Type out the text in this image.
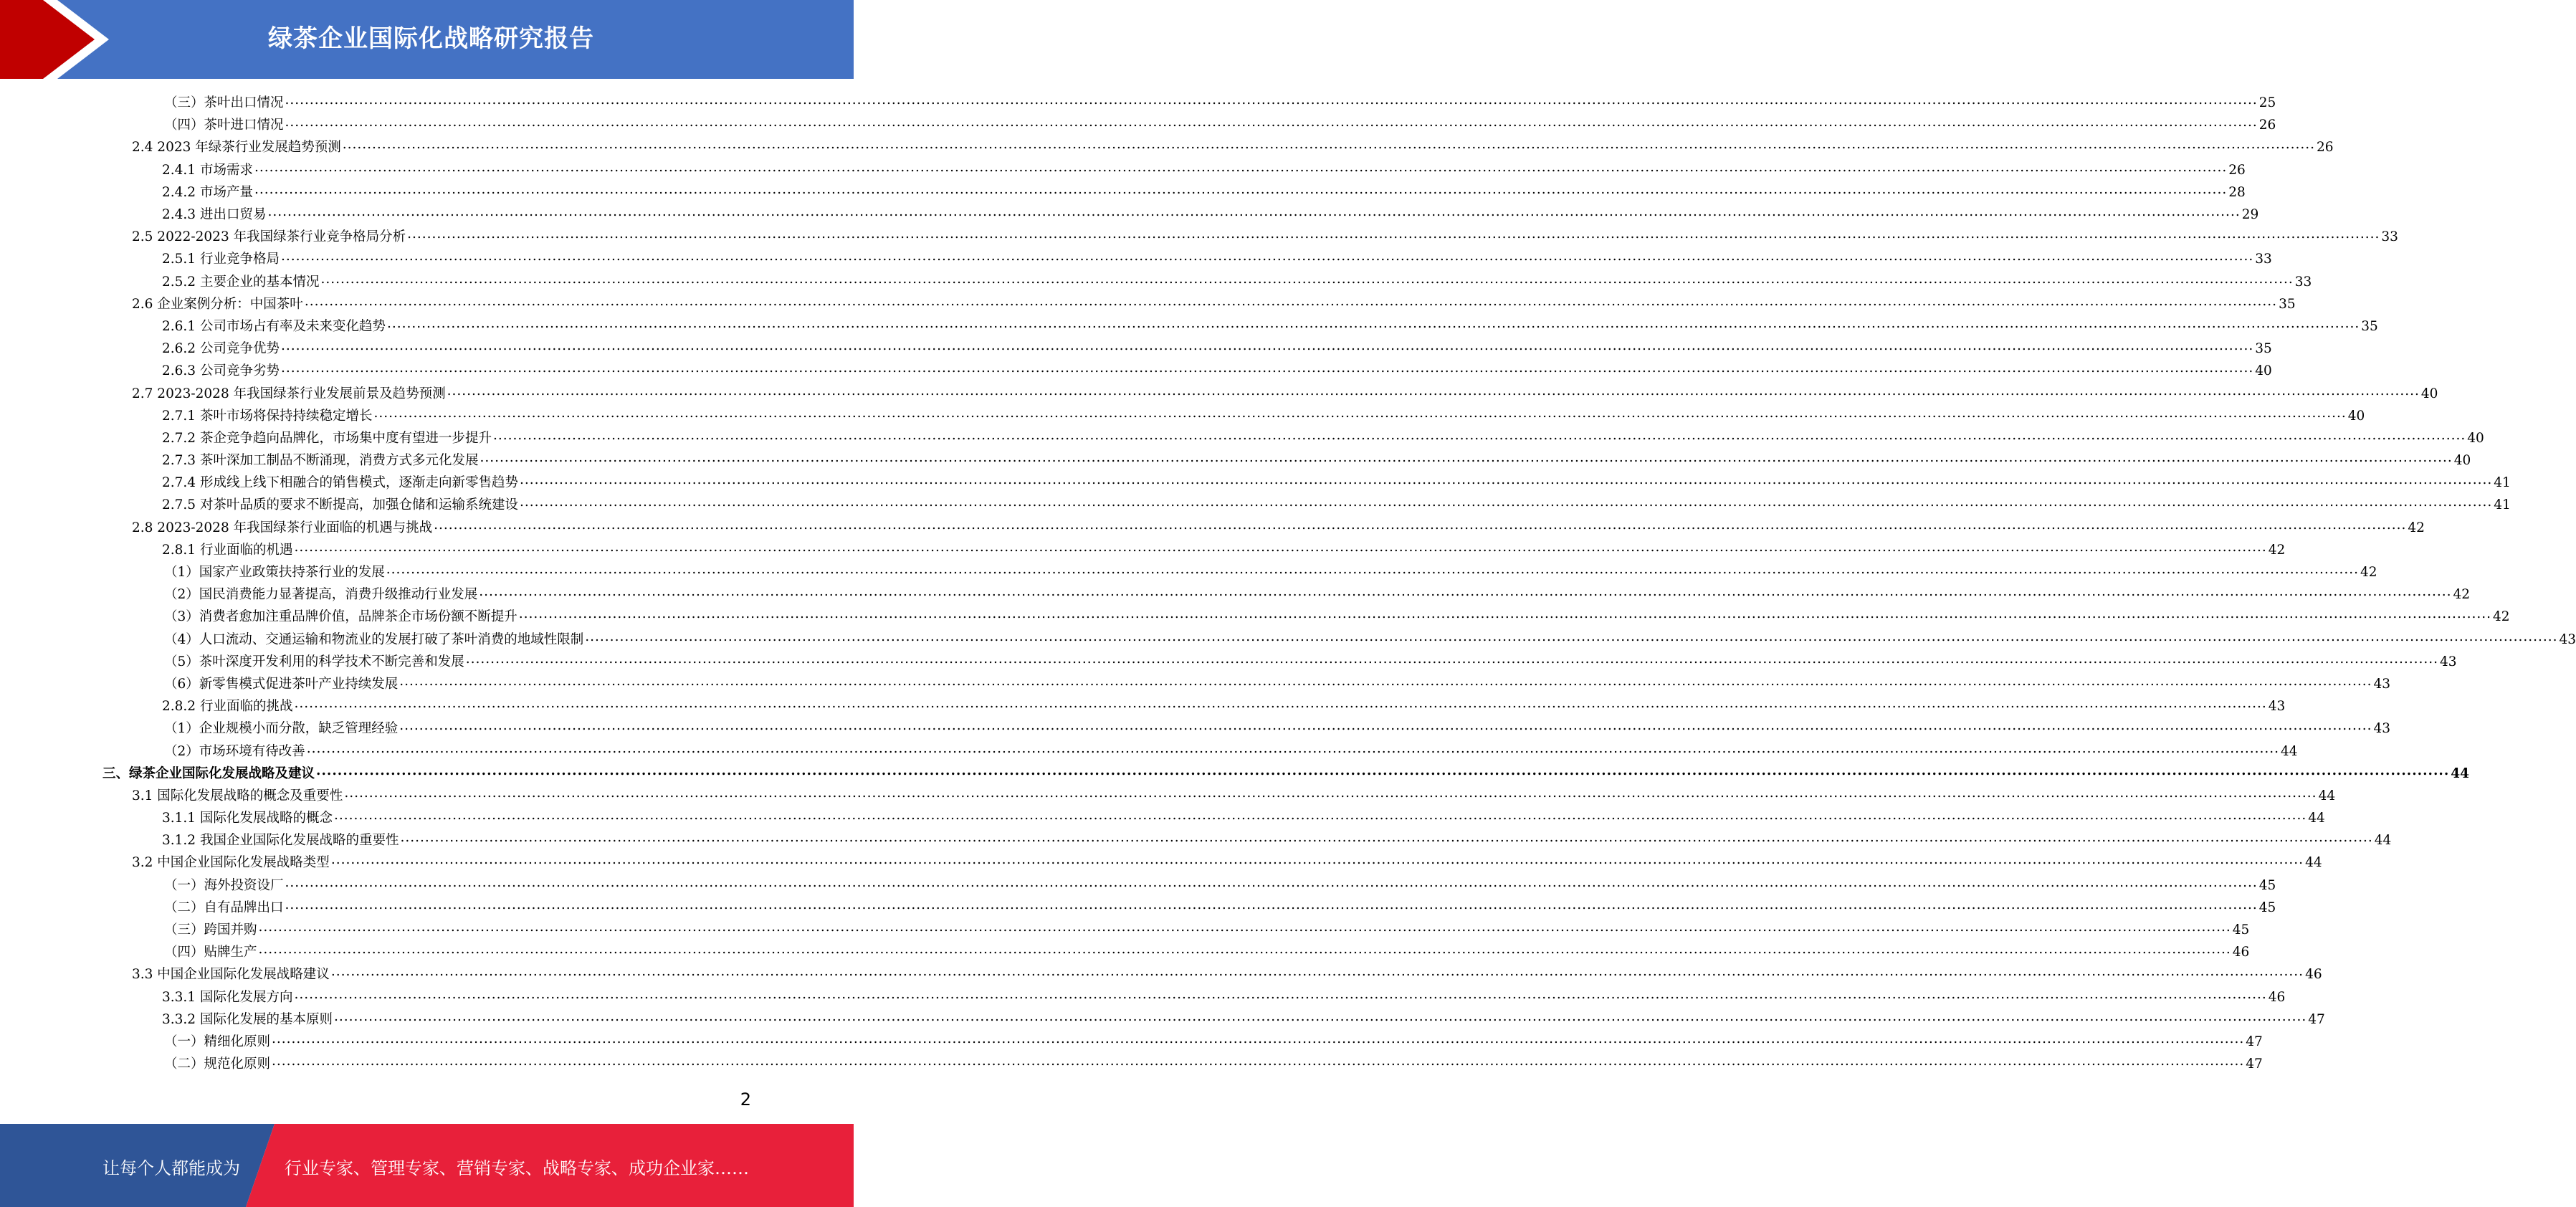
绿茶企业国际化战略研究报告
（三）茶叶出口情况 ................................................................................................................................................................................................................................................................................................................................................................................................................ 25
（四）茶叶进口情况 ................................................................................................................................................................................................................................................................................................................................................................................................................ 26
2.4 2023 年绿茶行业发展趋势预测 ................................................................................................................................................................................................................................................................................................................................................................................................................ 26
2.4.1 市场需求 ................................................................................................................................................................................................................................................................................................................................................................................................................ 26
2.4.2 市场产量 ................................................................................................................................................................................................................................................................................................................................................................................................................ 28
2.4.3 进出口贸易 ................................................................................................................................................................................................................................................................................................................................................................................................................ 29
2.5 2022-2023 年我国绿茶行业竞争格局分析 ................................................................................................................................................................................................................................................................................................................................................................................................................ 33
2.5.1 行业竞争格局 ................................................................................................................................................................................................................................................................................................................................................................................................................ 33
2.5.2 主要企业的基本情况 ................................................................................................................................................................................................................................................................................................................................................................................................................ 33
2.6 企业案例分析：中国茶叶 ................................................................................................................................................................................................................................................................................................................................................................................................................ 35
2.6.1 公司市场占有率及未来变化趋势 ................................................................................................................................................................................................................................................................................................................................................................................................................ 35
2.6.2 公司竞争优势 ................................................................................................................................................................................................................................................................................................................................................................................................................ 35
2.6.3 公司竞争劣势 ................................................................................................................................................................................................................................................................................................................................................................................................................ 40
2.7 2023-2028 年我国绿茶行业发展前景及趋势预测 ................................................................................................................................................................................................................................................................................................................................................................................................................ 40
2.7.1 茶叶市场将保持持续稳定增长 ................................................................................................................................................................................................................................................................................................................................................................................................................ 40
2.7.2 茶企竞争趋向品牌化，市场集中度有望进一步提升 ................................................................................................................................................................................................................................................................................................................................................................................................................ 40
2.7.3 茶叶深加工制品不断涌现，消费方式多元化发展 ................................................................................................................................................................................................................................................................................................................................................................................................................ 40
2.7.4 形成线上线下相融合的销售模式，逐渐走向新零售趋势 ................................................................................................................................................................................................................................................................................................................................................................................................................ 41
2.7.5 对茶叶品质的要求不断提高，加强仓储和运输系统建设 ................................................................................................................................................................................................................................................................................................................................................................................................................ 41
2.8 2023-2028 年我国绿茶行业面临的机遇与挑战 ................................................................................................................................................................................................................................................................................................................................................................................................................ 42
2.8.1 行业面临的机遇 ................................................................................................................................................................................................................................................................................................................................................................................................................ 42
（1）国家产业政策扶持茶行业的发展 ................................................................................................................................................................................................................................................................................................................................................................................................................ 42
（2）国民消费能力显著提高，消费升级推动行业发展 ................................................................................................................................................................................................................................................................................................................................................................................................................ 42
（3）消费者愈加注重品牌价值，品牌茶企市场份额不断提升 ................................................................................................................................................................................................................................................................................................................................................................................................................ 42
（4）人口流动、交通运输和物流业的发展打破了茶叶消费的地域性限制 ................................................................................................................................................................................................................................................................................................................................................................................................................ 43
（5）茶叶深度开发利用的科学技术不断完善和发展 ................................................................................................................................................................................................................................................................................................................................................................................................................ 43
（6）新零售模式促进茶叶产业持续发展 ................................................................................................................................................................................................................................................................................................................................................................................................................ 43
2.8.2 行业面临的挑战 ................................................................................................................................................................................................................................................................................................................................................................................................................ 43
（1）企业规模小而分散，缺乏管理经验 ................................................................................................................................................................................................................................................................................................................................................................................................................ 43
（2）市场环境有待改善 ................................................................................................................................................................................................................................................................................................................................................................................................................ 44
三、绿茶企业国际化发展战略及建议 ................................................................................................................................................................................................................................................................................................................................................................................................................ 44
3.1 国际化发展战略的概念及重要性 ................................................................................................................................................................................................................................................................................................................................................................................................................ 44
3.1.1 国际化发展战略的概念 ................................................................................................................................................................................................................................................................................................................................................................................................................ 44
3.1.2 我国企业国际化发展战略的重要性 ................................................................................................................................................................................................................................................................................................................................................................................................................ 44
3.2 中国企业国际化发展战略类型 ................................................................................................................................................................................................................................................................................................................................................................................................................ 44
（一）海外投资设厂 ................................................................................................................................................................................................................................................................................................................................................................................................................ 45
（二）自有品牌出口 ................................................................................................................................................................................................................................................................................................................................................................................................................ 45
（三）跨国并购 ................................................................................................................................................................................................................................................................................................................................................................................................................ 45
（四）贴牌生产 ................................................................................................................................................................................................................................................................................................................................................................................................................ 46
3.3 中国企业国际化发展战略建议 ................................................................................................................................................................................................................................................................................................................................................................................................................ 46
3.3.1 国际化发展方向 ................................................................................................................................................................................................................................................................................................................................................................................................................ 46
3.3.2 国际化发展的基本原则 ................................................................................................................................................................................................................................................................................................................................................................................................................ 47
（一）精细化原则 ................................................................................................................................................................................................................................................................................................................................................................................................................ 47
（二）规范化原则 ................................................................................................................................................................................................................................................................................................................................................................................................................ 47
2
让每个人都能成为	行业专家、管理专家、营销专家、战略专家、成功企业家……
